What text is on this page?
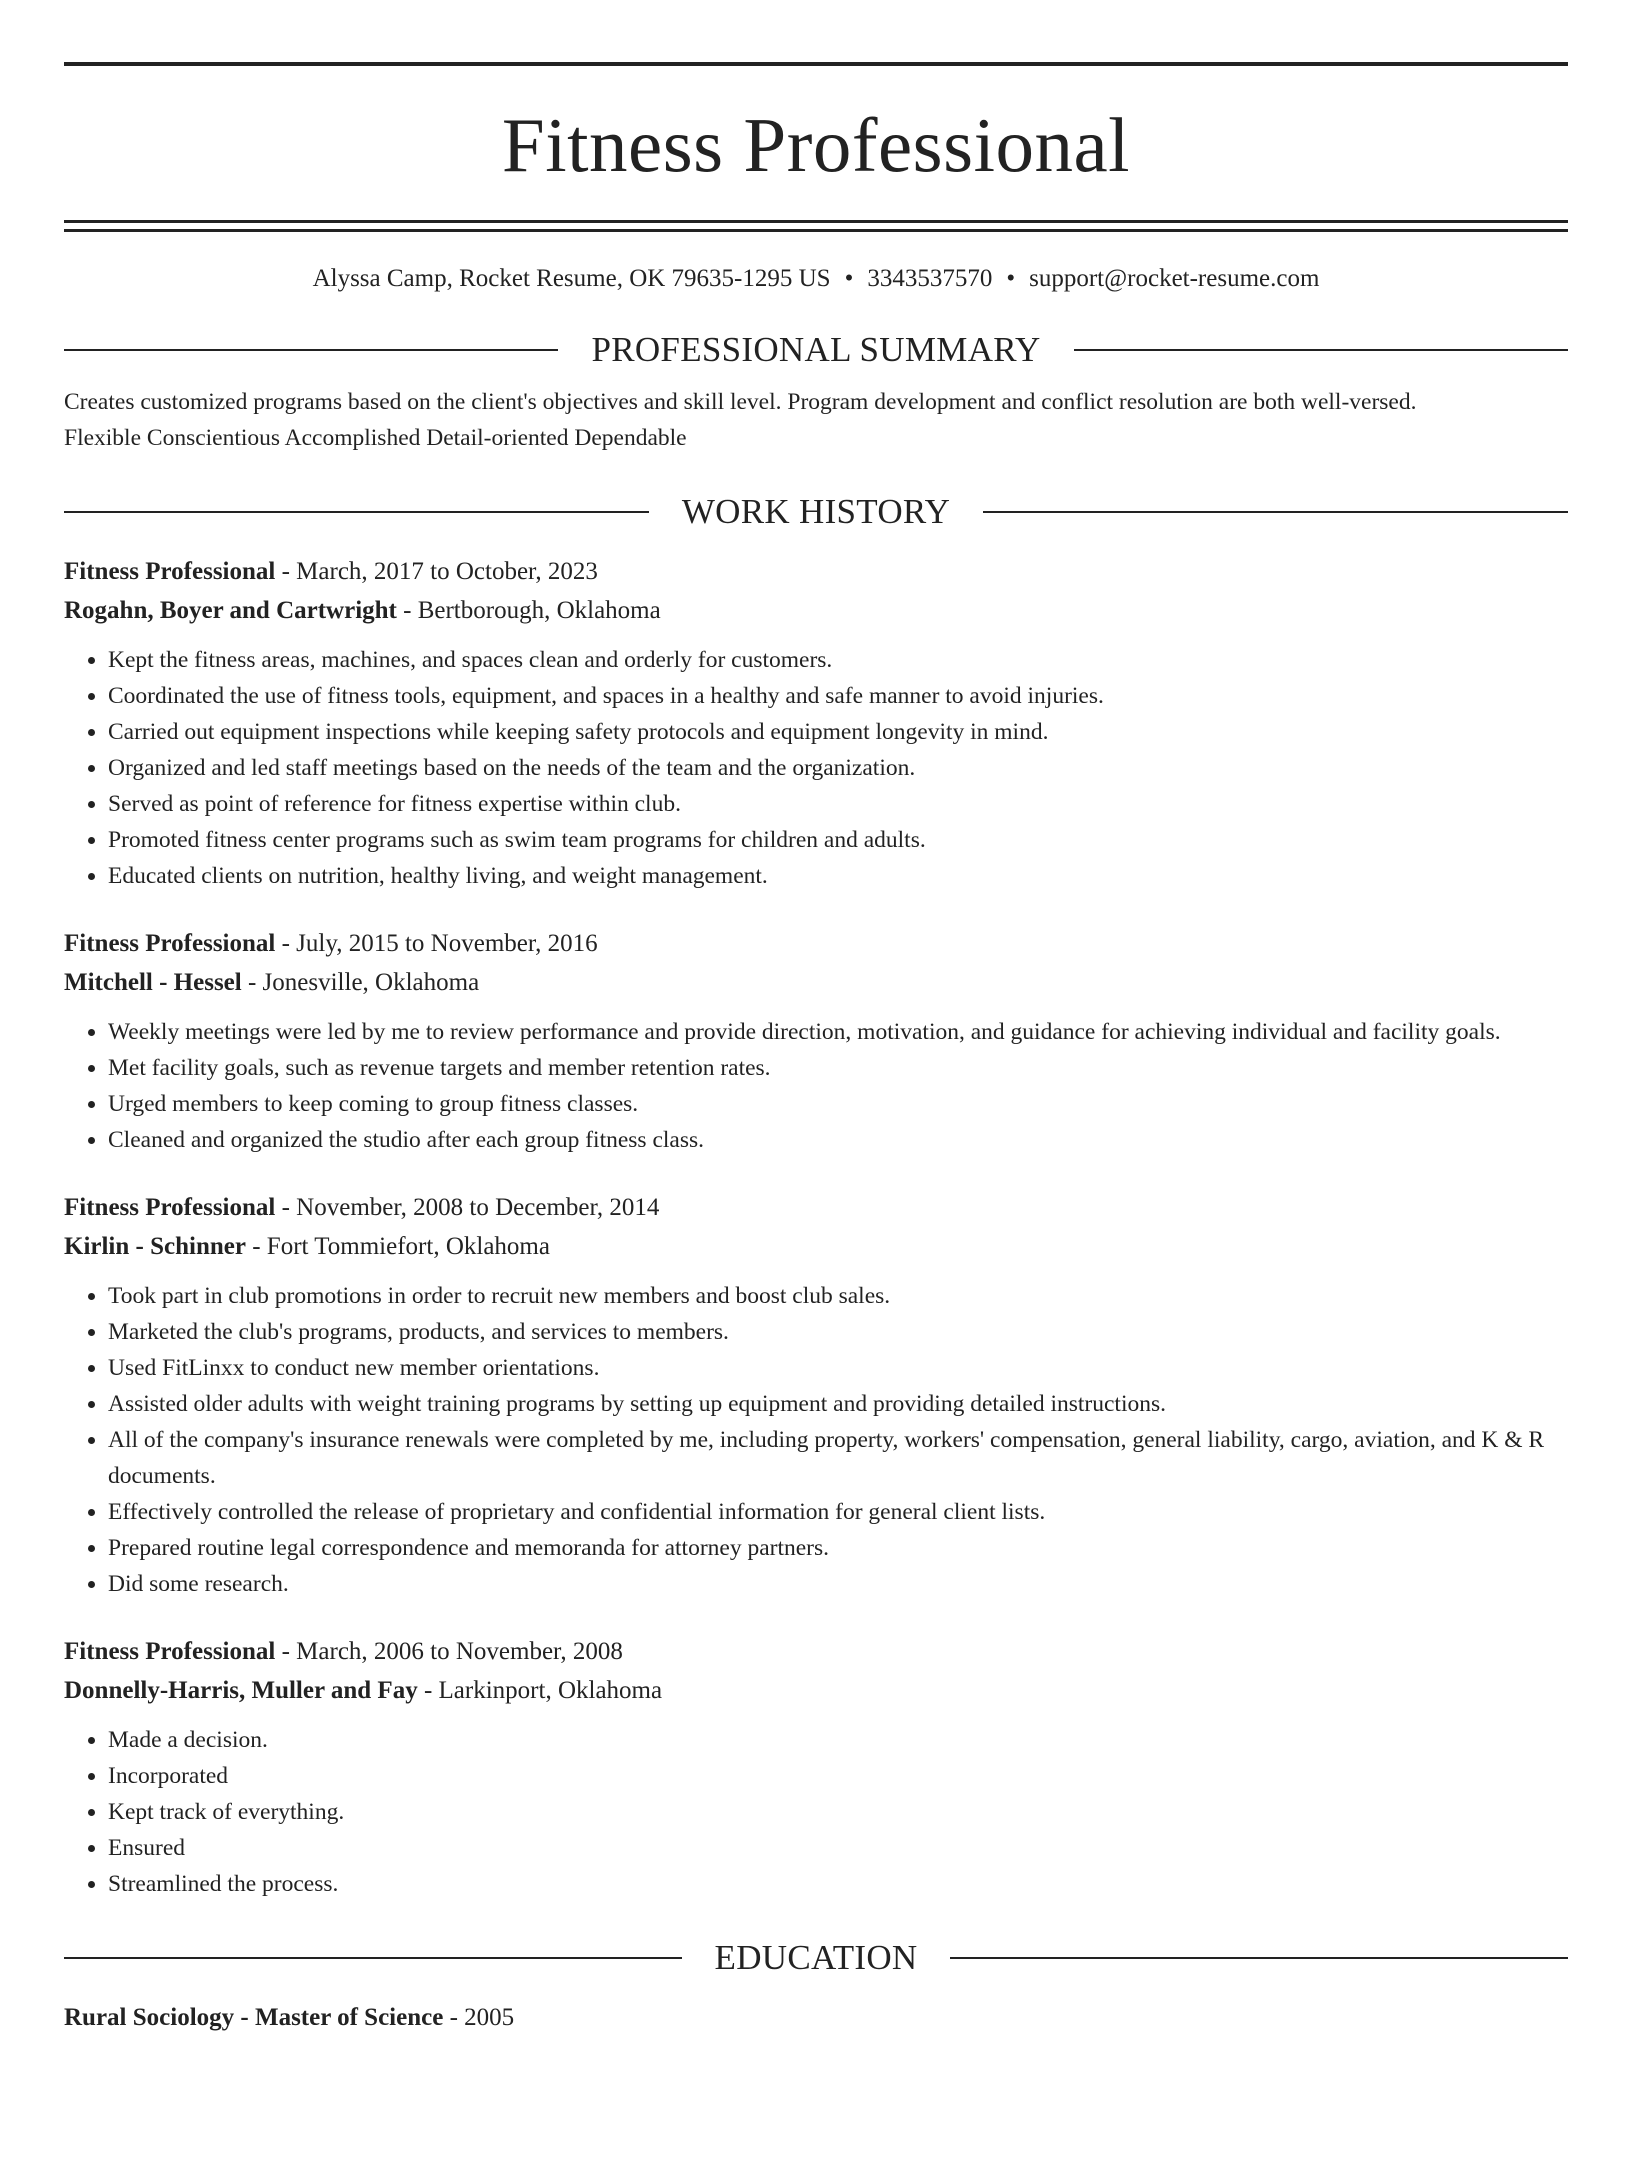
Fitness Professional
Alyssa Camp, Rocket Resume, OK 79635-1295 US • 3343537570 • support@rocket-resume.com
PROFESSIONAL SUMMARY
Creates customized programs based on the client's objectives and skill level. Program development and conflict resolution are both well-versed.
Flexible Conscientious Accomplished Detail-oriented Dependable
WORK HISTORY
Fitness Professional - March, 2017 to October, 2023
Rogahn, Boyer and Cartwright - Bertborough, Oklahoma
• Kept the fitness areas, machines, and spaces clean and orderly for customers.
• Coordinated the use of fitness tools, equipment, and spaces in a healthy and safe manner to avoid injuries.
• Carried out equipment inspections while keeping safety protocols and equipment longevity in mind.
• Organized and led staff meetings based on the needs of the team and the organization.
• Served as point of reference for fitness expertise within club.
• Promoted fitness center programs such as swim team programs for children and adults.
• Educated clients on nutrition, healthy living, and weight management.
Fitness Professional - July, 2015 to November, 2016
Mitchell - Hessel - Jonesville, Oklahoma
• Weekly meetings were led by me to review performance and provide direction, motivation, and guidance for achieving individual and facility goals.
• Met facility goals, such as revenue targets and member retention rates.
• Urged members to keep coming to group fitness classes.
• Cleaned and organized the studio after each group fitness class.
Fitness Professional - November, 2008 to December, 2014
Kirlin - Schinner - Fort Tommiefort, Oklahoma
• Took part in club promotions in order to recruit new members and boost club sales.
• Marketed the club's programs, products, and services to members.
• Used FitLinxx to conduct new member orientations.
• Assisted older adults with weight training programs by setting up equipment and providing detailed instructions.
• All of the company's insurance renewals were completed by me, including property, workers' compensation, general liability, cargo, aviation, and K & R documents.
• Effectively controlled the release of proprietary and confidential information for general client lists.
• Prepared routine legal correspondence and memoranda for attorney partners.
• Did some research.
Fitness Professional - March, 2006 to November, 2008
Donnelly-Harris, Muller and Fay - Larkinport, Oklahoma
• Made a decision.
• Incorporated
• Kept track of everything.
• Ensured
• Streamlined the process.
EDUCATION
Rural Sociology - Master of Science - 2005
